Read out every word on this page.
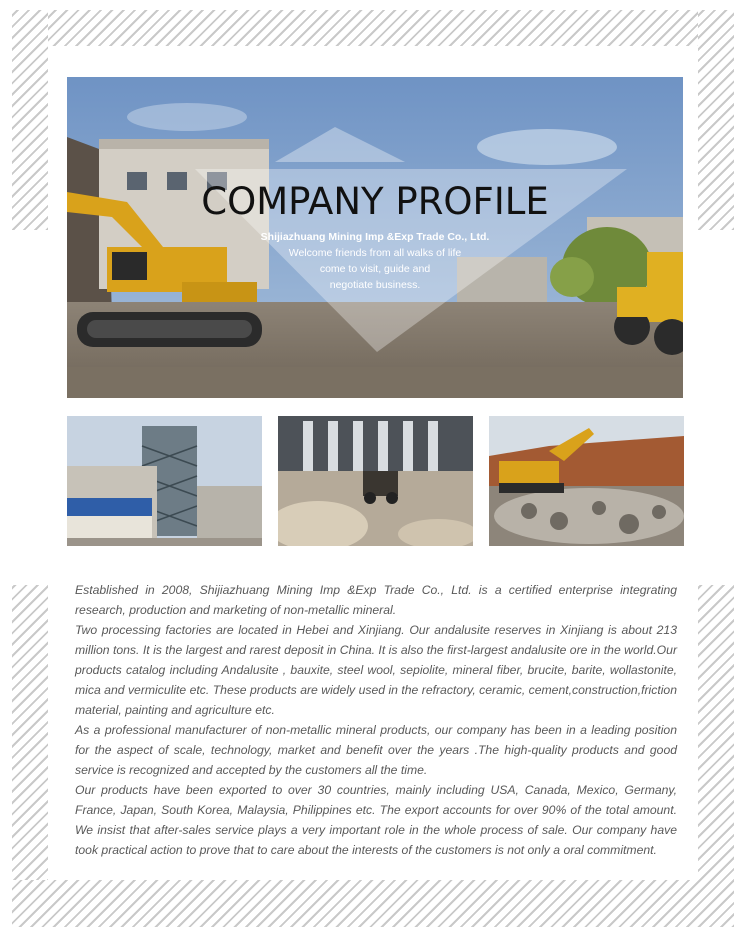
COMPANY PROFILE
Shijiazhuang Mining Imp &Exp Trade Co., Ltd.
Welcome friends from all walks of life
come to visit, guide and
negotiate business.

Established in 2008, Shijiazhuang Mining Imp &Exp Trade Co., Ltd. is a certified enterprise integrating research, production and marketing of non-metallic mineral.

Two processing factories are located in Hebei and Xinjiang. Our andalusite reserves in Xinjiang is about 213 million tons. It is the largest and rarest deposit in China. It is also the first-largest andalusite ore in the world.Our products catalog including Andalusite , bauxite, steel wool, sepiolite, mineral fiber, brucite, barite, wollastonite, mica and vermiculite etc. These products are widely used in the refractory, ceramic, cement,construction,friction material, painting and agriculture etc.

As a professional manufacturer of non-metallic mineral products, our company has been in a leading position for the aspect of scale, technology, market and benefit over the years .The high-quality products and good service is recognized and accepted by the customers all the time.

Our products have been exported to over 30 countries, mainly including USA, Canada, Mexico, Germany, France, Japan, South Korea, Malaysia, Philippines etc. The export accounts for over 90% of the total amount. We insist that after-sales service plays a very important role in the whole process of sale. Our company have took practical action to prove that to care about the interests of the customers is not only a oral commitment.
